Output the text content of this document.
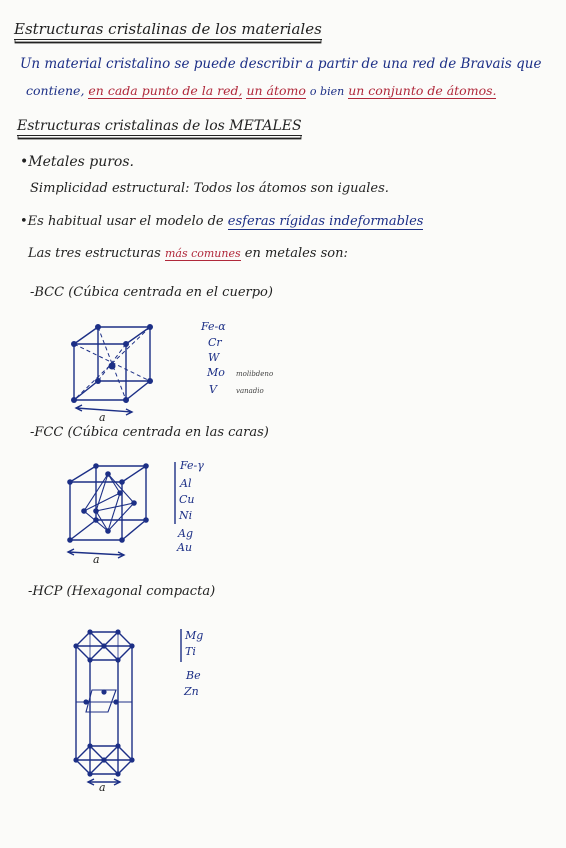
Estructuras cristalinas de los materiales
Un material cristalino se puede describir a partir de una red de Bravais que
contiene, en cada punto de la red, un átomo o bien un conjunto de átomos.
Estructuras cristalinas de los METALES
•Metales puros.
Simplicidad estructural: Todos los átomos son iguales.
•Es habitual usar el modelo de esferas rígidas indeformables
Las tres estructuras más comunes en metales son:
-BCC (Cúbica centrada en el cuerpo)
a
Fe-α
Cr
W
Mo molibdeno
V	vanadio
-FCC (Cúbica centrada en las caras)
a
Fe-γ
Al
Cu
Ni
Ag
Au
-HCP (Hexagonal compacta)
a
Mg
Ti
Be
Zn
